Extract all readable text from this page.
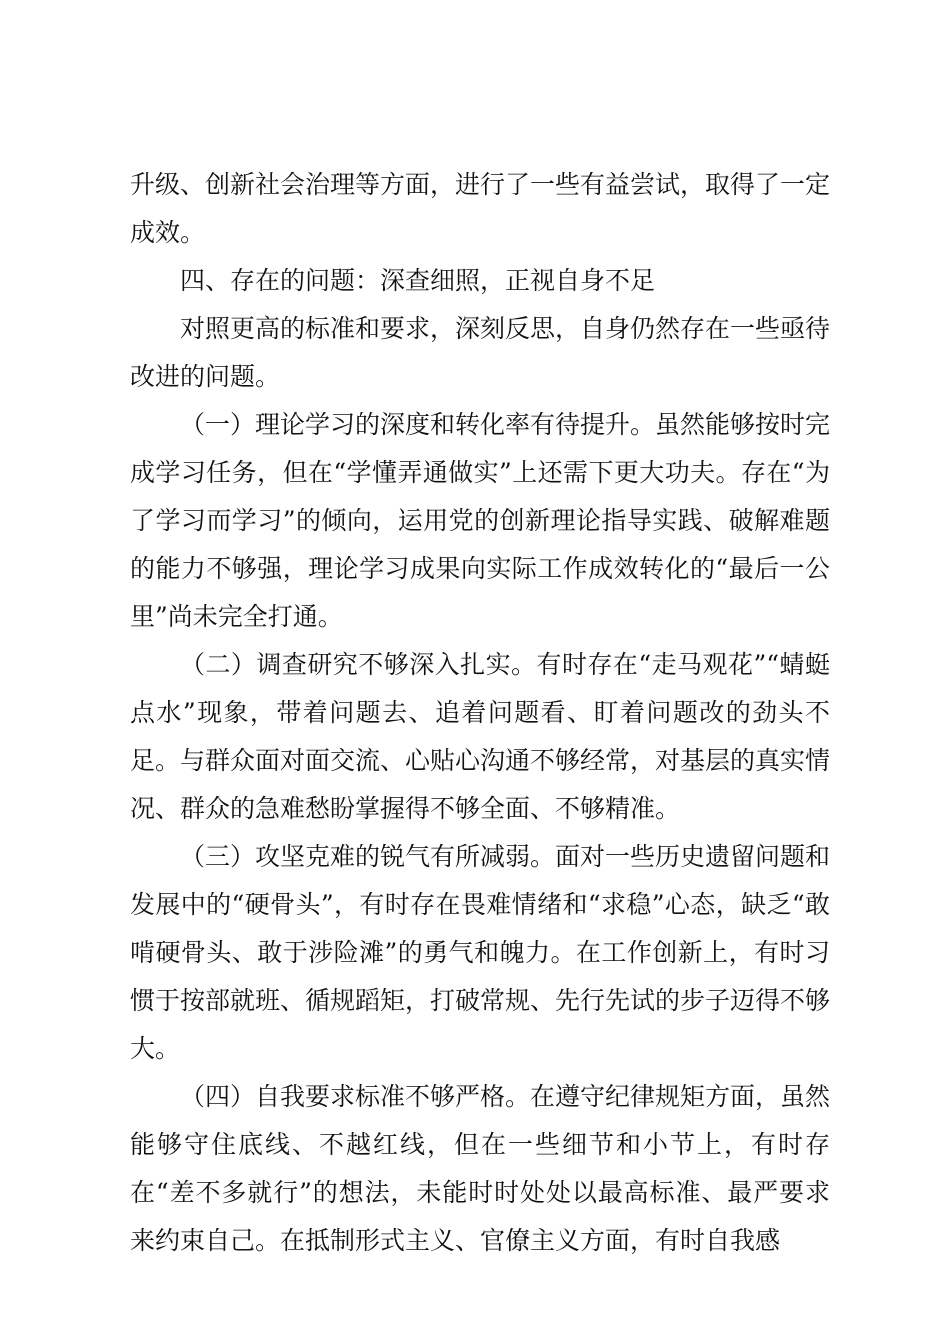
升级、创新社会治理等方面，进行了一些有益尝试，取得了一定成效。

四、存在的问题：深查细照，正视自身不足

对照更高的标准和要求，深刻反思，自身仍然存在一些亟待改进的问题。

（一）理论学习的深度和转化率有待提升。虽然能够按时完成学习任务，但在“学懂弄通做实”上还需下更大功夫。存在“为了学习而学习”的倾向，运用党的创新理论指导实践、破解难题的能力不够强，理论学习成果向实际工作成效转化的“最后一公里”尚未完全打通。

（二）调查研究不够深入扎实。有时存在“走马观花”“蜻蜓点水”现象，带着问题去、追着问题看、盯着问题改的劲头不足。与群众面对面交流、心贴心沟通不够经常，对基层的真实情况、群众的急难愁盼掌握得不够全面、不够精准。

（三）攻坚克难的锐气有所减弱。面对一些历史遗留问题和发展中的“硬骨头”，有时存在畏难情绪和“求稳”心态，缺乏“敢啃硬骨头、敢于涉险滩”的勇气和魄力。在工作创新上，有时习惯于按部就班、循规蹈矩，打破常规、先行先试的步子迈得不够大。

（四）自我要求标准不够严格。在遵守纪律规矩方面，虽然能够守住底线、不越红线，但在一些细节和小节上，有时存在“差不多就行”的想法，未能时时处处以最高标准、最严要求来约束自己。在抵制形式主义、官僚主义方面，有时自我感
